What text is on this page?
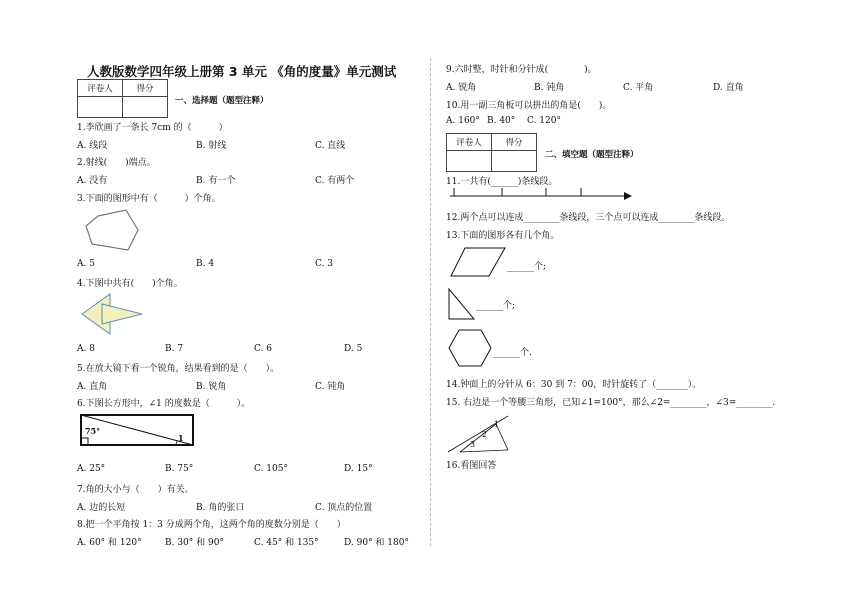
人教版数学四年级上册第 3 单元 《角的度量》单元测试
评卷人	得分

一、选择题（题型注释）
1.李欣画了一条长 7cm 的（　　　）
A. 线段	B. 射线	C. 直线
2.射线(　　)端点。
A. 没有	B. 有一个	C. 有两个
3.下面的图形中有（　　　）个角。
A. 5	B. 4	C. 3
4.下图中共有(　　)个角。
A. 8	B. 7	C. 6	D. 5
5.在放大镜下看一个锐角，结果看到的是（　　）。
A. 直角	B. 锐角	C. 钝角
6.下图长方形中，∠1 的度数是（　　　）。
75°
1
A. 25°	B. 75°	C. 105°	D. 15°
7.角的大小与（　　）有关。
A. 边的长短	B. 角的张口	C. 顶点的位置
8.把一个平角按 1：3 分成两个角，这两个角的度数分别是（　　）
A. 60° 和 120°	B. 30° 和 90°	C. 45° 和 135°	D. 90° 和 180°
9.六时整，时针和分针成(　　　　)。
A. 锐角	B. 钝角	C. 平角	D. 直角
10.用一副三角板可以拼出的角是(　　)。
A. 160° B. 40° C. 120°
评卷人	得分

二、填空题（题型注释）
11.一共有(______)条线段。
12.两个点可以连成________条线段，三个点可以连成________条线段。
13.下面的图形各有几个角。
______个;
______个;
______个.
14.钟面上的分针从 6：30 到 7：00，时针旋转了（_______）。
15. 右边是一个等腰三角形，已知∠1=100°，那么∠2=________，∠3=________.
1
2
3
16.看图回答
